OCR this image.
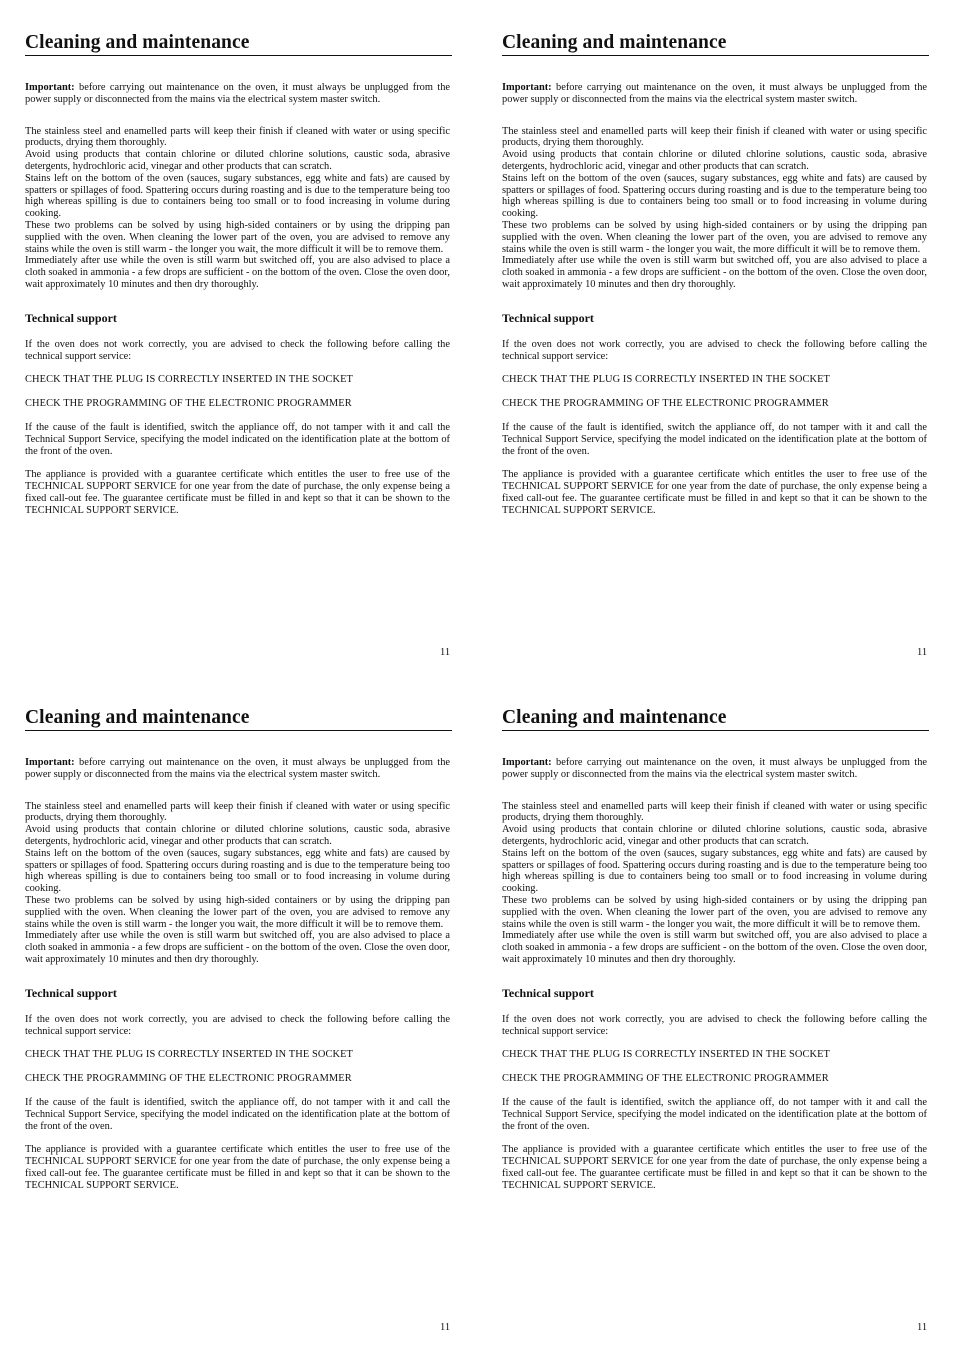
Cleaning and maintenance

Important: before carrying out maintenance on the oven, it must always be unplugged from the power supply or disconnected from the mains via the electrical system master switch.

The stainless steel and enamelled parts will keep their finish if cleaned with water or using specific products, drying them thoroughly.
Avoid using products that contain chlorine or diluted chlorine solutions, caustic soda, abrasive detergents, hydrochloric acid, vinegar and other products that can scratch.
Stains left on the bottom of the oven (sauces, sugary substances, egg white and fats) are caused by spatters or spillages of food. Spattering occurs during roasting and is due to the temperature being too high whereas spilling is due to containers being too small or to food increasing in volume during cooking.
These two problems can be solved by using high-sided containers or by using the dripping pan supplied with the oven. When cleaning the lower part of the oven, you are advised to remove any stains while the oven is still warm - the longer you wait, the more difficult it will be to remove them.
Immediately after use while the oven is still warm but switched off, you are also advised to place a cloth soaked in ammonia - a few drops are sufficient - on the bottom of the oven. Close the oven door, wait approximately 10 minutes and then dry thoroughly.

Technical support

If the oven does not work correctly, you are advised to check the following before calling the technical support service:

CHECK THAT THE PLUG IS CORRECTLY INSERTED IN THE SOCKET

CHECK THE PROGRAMMING OF THE ELECTRONIC PROGRAMMER

If the cause of the fault is identified, switch the appliance off, do not tamper with it and call the Technical Support Service, specifying the model indicated on the identification plate at the bottom of the front of the oven.

The appliance is provided with a guarantee certificate which entitles the user to free use of the TECHNICAL SUPPORT SERVICE for one year from the date of purchase, the only expense being a fixed call-out fee. The guarantee certificate must be filled in and kept so that it can be shown to the TECHNICAL SUPPORT SERVICE.

11
Cleaning and maintenance

Important: before carrying out maintenance on the oven, it must always be unplugged from the power supply or disconnected from the mains via the electrical system master switch.

The stainless steel and enamelled parts will keep their finish if cleaned with water or using specific products, drying them thoroughly.
Avoid using products that contain chlorine or diluted chlorine solutions, caustic soda, abrasive detergents, hydrochloric acid, vinegar and other products that can scratch.
Stains left on the bottom of the oven (sauces, sugary substances, egg white and fats) are caused by spatters or spillages of food. Spattering occurs during roasting and is due to the temperature being too high whereas spilling is due to containers being too small or to food increasing in volume during cooking.
These two problems can be solved by using high-sided containers or by using the dripping pan supplied with the oven. When cleaning the lower part of the oven, you are advised to remove any stains while the oven is still warm - the longer you wait, the more difficult it will be to remove them.
Immediately after use while the oven is still warm but switched off, you are also advised to place a cloth soaked in ammonia - a few drops are sufficient - on the bottom of the oven. Close the oven door, wait approximately 10 minutes and then dry thoroughly.

Technical support

If the oven does not work correctly, you are advised to check the following before calling the technical support service:

CHECK THAT THE PLUG IS CORRECTLY INSERTED IN THE SOCKET

CHECK THE PROGRAMMING OF THE ELECTRONIC PROGRAMMER

If the cause of the fault is identified, switch the appliance off, do not tamper with it and call the Technical Support Service, specifying the model indicated on the identification plate at the bottom of the front of the oven.

The appliance is provided with a guarantee certificate which entitles the user to free use of the TECHNICAL SUPPORT SERVICE for one year from the date of purchase, the only expense being a fixed call-out fee. The guarantee certificate must be filled in and kept so that it can be shown to the TECHNICAL SUPPORT SERVICE.

11
Cleaning and maintenance

Important: before carrying out maintenance on the oven, it must always be unplugged from the power supply or disconnected from the mains via the electrical system master switch.

The stainless steel and enamelled parts will keep their finish if cleaned with water or using specific products, drying them thoroughly.
Avoid using products that contain chlorine or diluted chlorine solutions, caustic soda, abrasive detergents, hydrochloric acid, vinegar and other products that can scratch.
Stains left on the bottom of the oven (sauces, sugary substances, egg white and fats) are caused by spatters or spillages of food. Spattering occurs during roasting and is due to the temperature being too high whereas spilling is due to containers being too small or to food increasing in volume during cooking.
These two problems can be solved by using high-sided containers or by using the dripping pan supplied with the oven. When cleaning the lower part of the oven, you are advised to remove any stains while the oven is still warm - the longer you wait, the more difficult it will be to remove them.
Immediately after use while the oven is still warm but switched off, you are also advised to place a cloth soaked in ammonia - a few drops are sufficient - on the bottom of the oven. Close the oven door, wait approximately 10 minutes and then dry thoroughly.

Technical support

If the oven does not work correctly, you are advised to check the following before calling the technical support service:

CHECK THAT THE PLUG IS CORRECTLY INSERTED IN THE SOCKET

CHECK THE PROGRAMMING OF THE ELECTRONIC PROGRAMMER

If the cause of the fault is identified, switch the appliance off, do not tamper with it and call the Technical Support Service, specifying the model indicated on the identification plate at the bottom of the front of the oven.

The appliance is provided with a guarantee certificate which entitles the user to free use of the TECHNICAL SUPPORT SERVICE for one year from the date of purchase, the only expense being a fixed call-out fee. The guarantee certificate must be filled in and kept so that it can be shown to the TECHNICAL SUPPORT SERVICE.

11
Cleaning and maintenance

Important: before carrying out maintenance on the oven, it must always be unplugged from the power supply or disconnected from the mains via the electrical system master switch.

The stainless steel and enamelled parts will keep their finish if cleaned with water or using specific products, drying them thoroughly.
Avoid using products that contain chlorine or diluted chlorine solutions, caustic soda, abrasive detergents, hydrochloric acid, vinegar and other products that can scratch.
Stains left on the bottom of the oven (sauces, sugary substances, egg white and fats) are caused by spatters or spillages of food. Spattering occurs during roasting and is due to the temperature being too high whereas spilling is due to containers being too small or to food increasing in volume during cooking.
These two problems can be solved by using high-sided containers or by using the dripping pan supplied with the oven. When cleaning the lower part of the oven, you are advised to remove any stains while the oven is still warm - the longer you wait, the more difficult it will be to remove them.
Immediately after use while the oven is still warm but switched off, you are also advised to place a cloth soaked in ammonia - a few drops are sufficient - on the bottom of the oven. Close the oven door, wait approximately 10 minutes and then dry thoroughly.

Technical support

If the oven does not work correctly, you are advised to check the following before calling the technical support service:

CHECK THAT THE PLUG IS CORRECTLY INSERTED IN THE SOCKET

CHECK THE PROGRAMMING OF THE ELECTRONIC PROGRAMMER

If the cause of the fault is identified, switch the appliance off, do not tamper with it and call the Technical Support Service, specifying the model indicated on the identification plate at the bottom of the front of the oven.

The appliance is provided with a guarantee certificate which entitles the user to free use of the TECHNICAL SUPPORT SERVICE for one year from the date of purchase, the only expense being a fixed call-out fee. The guarantee certificate must be filled in and kept so that it can be shown to the TECHNICAL SUPPORT SERVICE.

11
